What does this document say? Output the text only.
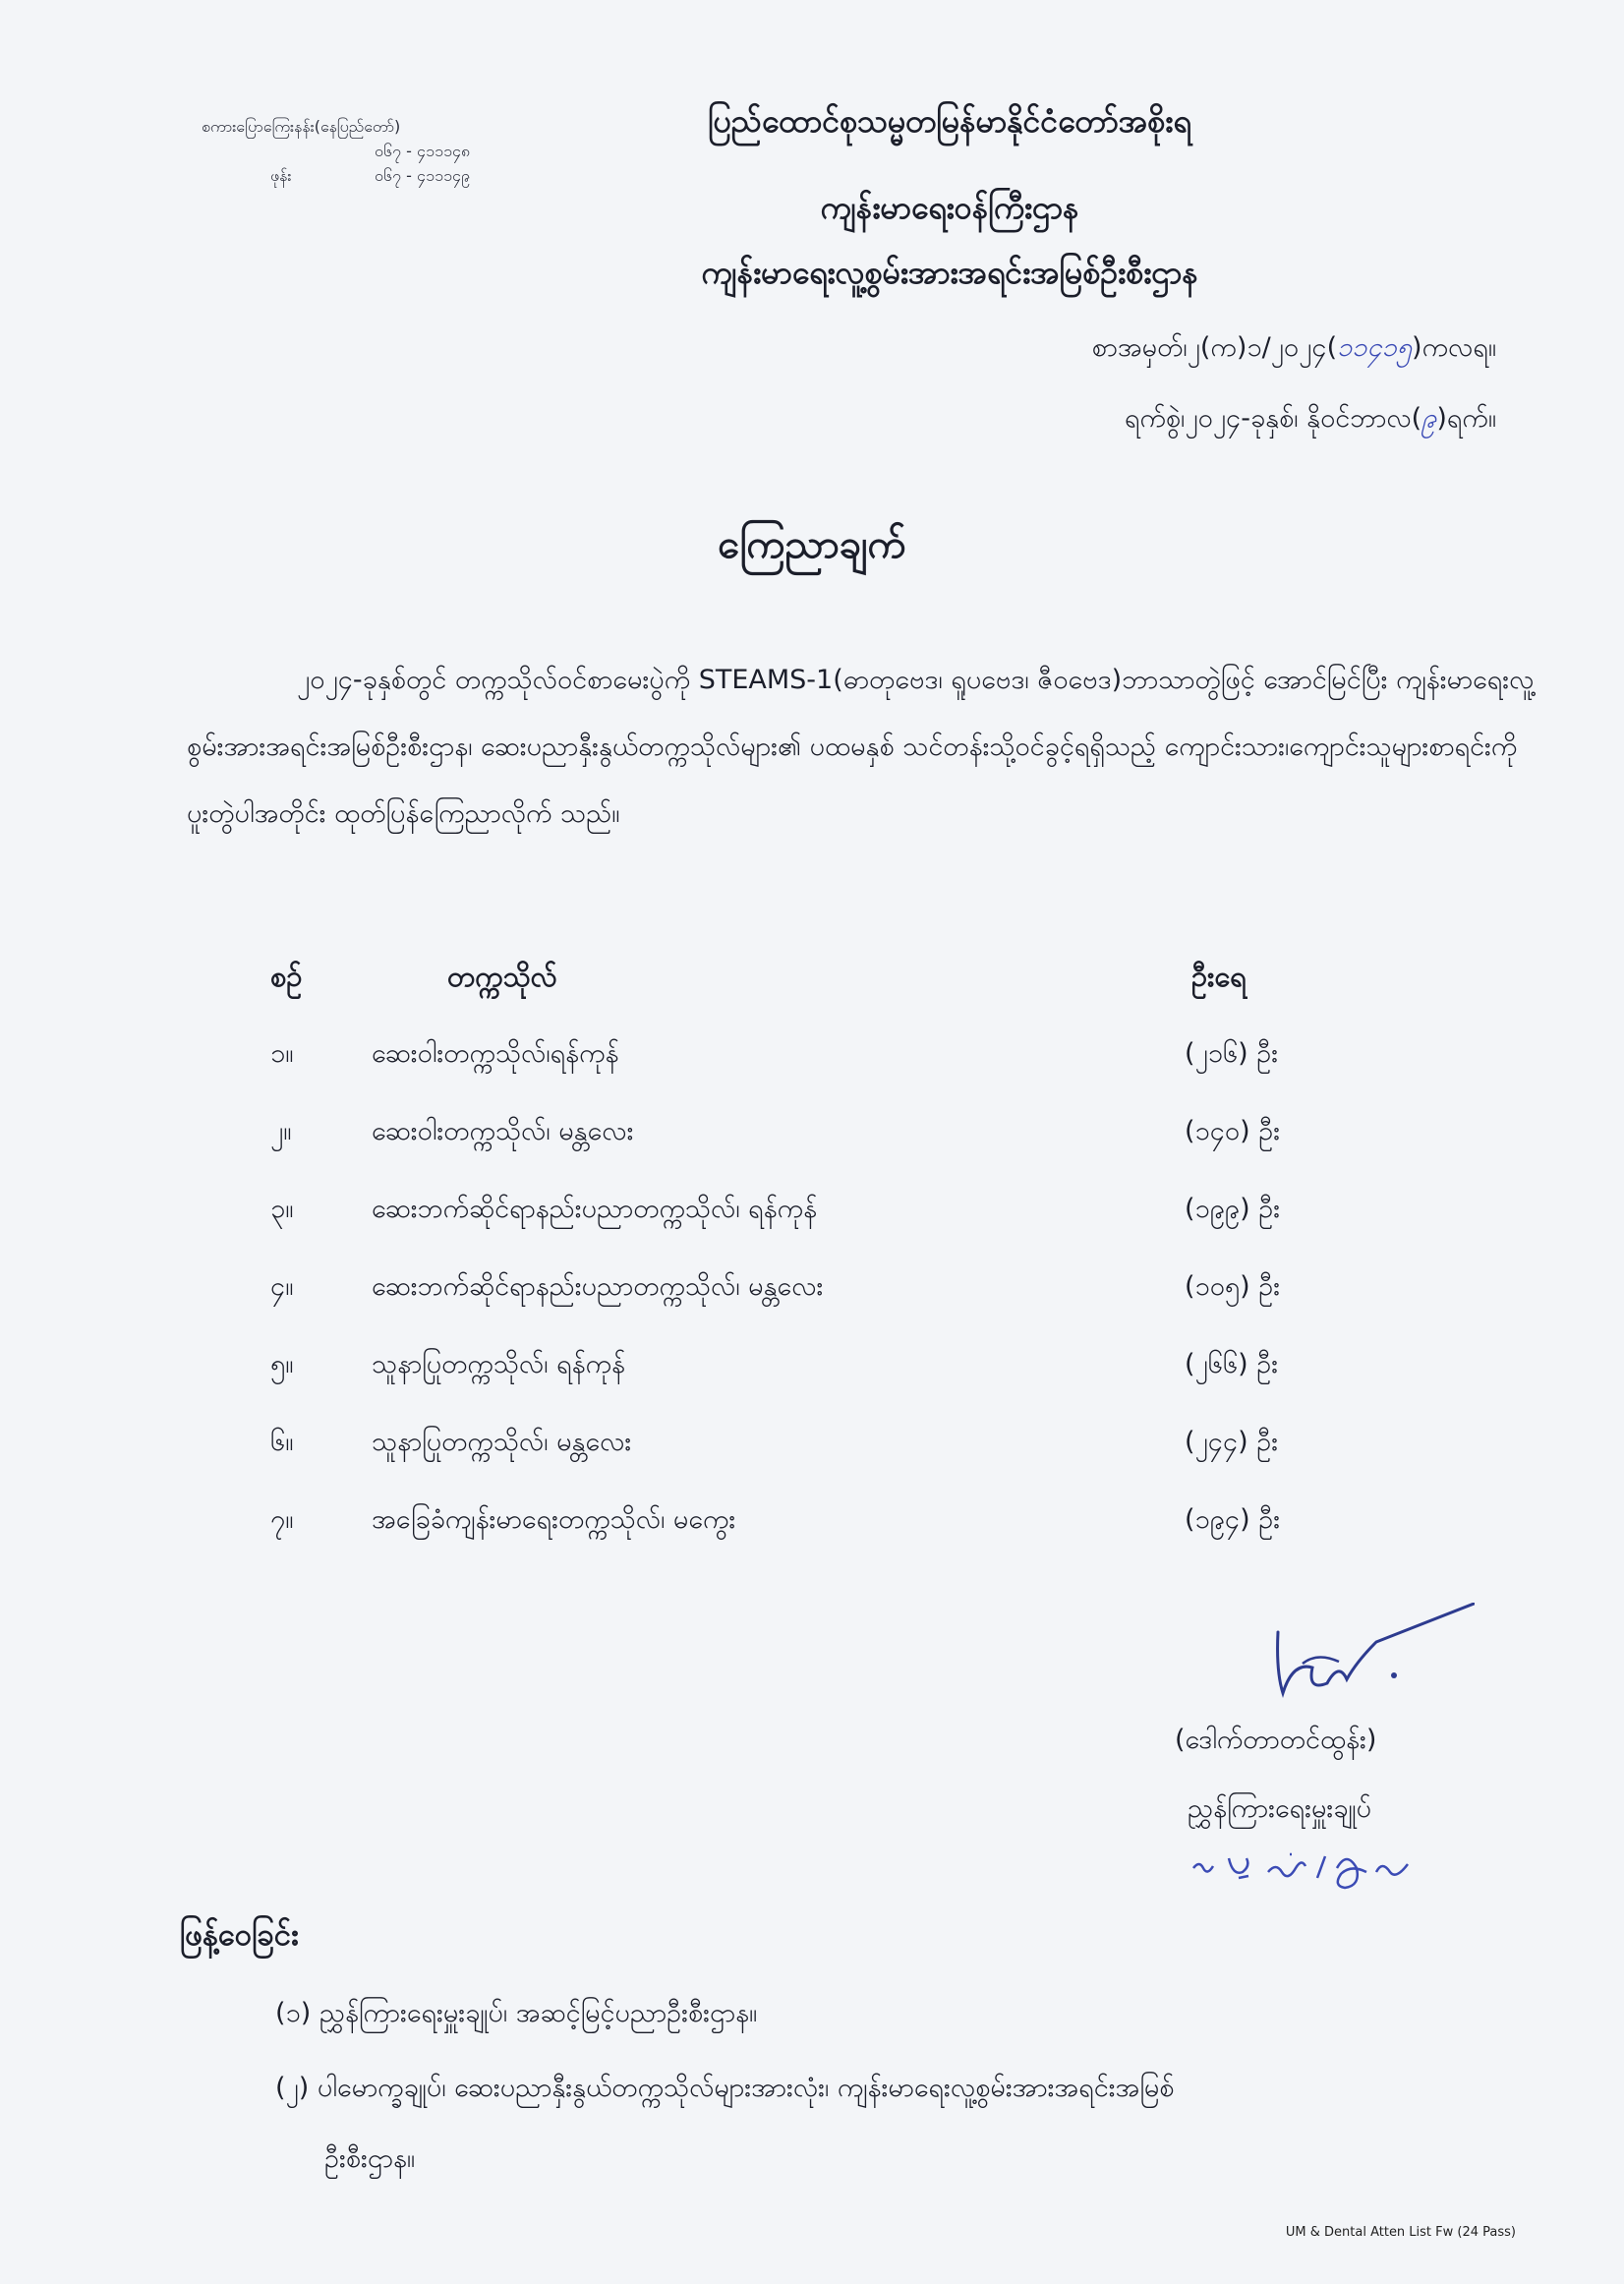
စကားပြောကြေးနန်း(နေပြည်တော်)
၀၆၇ - ၄၁၁၁၄၈
ဖုန်း	၀၆၇ - ၄၁၁၁၄၉
ပြည်ထောင်စုသမ္မတမြန်မာနိုင်ငံတော်အစိုးရ
ကျန်းမာရေးဝန်ကြီးဌာန
ကျန်းမာရေးလူ့စွမ်းအားအရင်းအမြစ်ဦးစီးဌာန
စာအမှတ်၊၂(က)၁/၂၀၂၄(၁၁၄၁၅)ကလရ။
ရက်စွဲ၊၂၀၂၄-ခုနှစ်၊ နိုဝင်ဘာလ(၉)ရက်။
ကြေညာချက်

၂၀၂၄-ခုနှစ်တွင် တက္ကသိုလ်ဝင်စာမေးပွဲကို STEAMS-1(ဓာတုဗေဒ၊ ရူပဗေဒ၊ ဇီဝဗေဒ)ဘာသာတွဲဖြင့် အောင်မြင်ပြီး ကျန်းမာရေးလူ့စွမ်းအားအရင်းအမြစ်ဦးစီးဌာန၊ ဆေးပညာနှီးနွယ်တက္ကသိုလ်များ၏ ပထမနှစ် သင်တန်းသို့ဝင်ခွင့်ရရှိသည့် ကျောင်းသား၊ကျောင်းသူများစာရင်းကို ပူးတွဲပါအတိုင်း ထုတ်ပြန်ကြေညာလိုက် သည်။

စဉ်	တက္ကသိုလ်	ဦးရေ
၁။	ဆေးဝါးတက္ကသိုလ်၊ရန်ကုန်	(၂၁၆) ဦး
၂။	ဆေးဝါးတက္ကသိုလ်၊ မန္တလေး	(၁၄၀) ဦး
၃။	ဆေးဘက်ဆိုင်ရာနည်းပညာတက္ကသိုလ်၊ ရန်ကုန်	(၁၉၉) ဦး
၄။	ဆေးဘက်ဆိုင်ရာနည်းပညာတက္ကသိုလ်၊ မန္တလေး	(၁၀၅) ဦး
၅။	သူနာပြုတက္ကသိုလ်၊ ရန်ကုန်	(၂၆၆) ဦး
၆။	သူနာပြုတက္ကသိုလ်၊ မန္တလေး	(၂၄၄) ဦး
၇။	အခြေခံကျန်းမာရေးတက္ကသိုလ်၊ မကွေး	(၁၉၄) ဦး
(ဒေါက်တာတင်ထွန်း)
ညွှန်ကြားရေးမှူးချုပ်
ဖြန့်ဝေခြင်း
(၁) ညွှန်ကြားရေးမှူးချုပ်၊ အဆင့်မြင့်ပညာဦးစီးဌာန။
(၂) ပါမောက္ခချုပ်၊ ဆေးပညာနှီးနွယ်တက္ကသိုလ်များအားလုံး၊ ကျန်းမာရေးလူ့စွမ်းအားအရင်းအမြစ်
ဦးစီးဌာန။
UM & Dental Atten List Fw (24 Pass)
